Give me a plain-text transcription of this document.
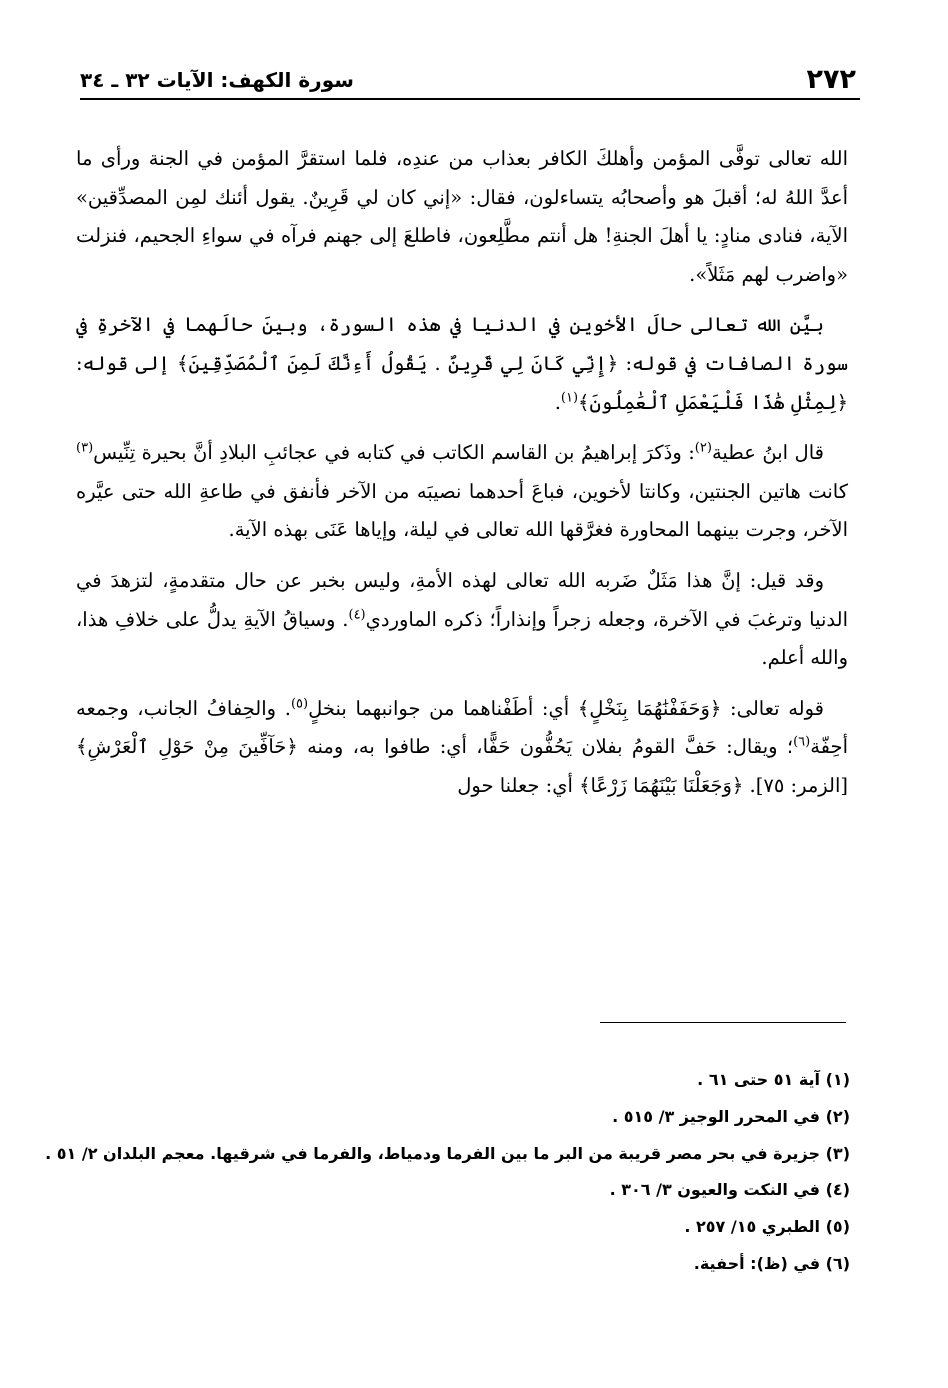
٢٧٢
سورة الكهف: الآيات ٣٢ ـ ٣٤

الله تعالى توفَّى المؤمن وأهلكَ الكافر بعذاب من عندِه، فلما استقرَّ المؤمن في الجنة ورأى ما أعدَّ اللهُ له؛ أقبلَ هو وأصحابُه يتساءلون، فقال: «إني كان لي قَرِينٌ. يقول أئنك لمِن المصدِّقين» الآية، فنادى منادٍ: يا أهلَ الجنةِ! هل أنتم مطَّلِعون، فاطلعَ إلى جهنم فرآه في سواءِ الجحيم، فنزلت «واضرب لهم مَثَلاً».

بيَّن الله تعالى حالَ الأخوين في الدنيا في هذه السورة، وبينَ حالَهما في الآخرةِ في سورة الصافات في قوله: ﴿إِنِّي كَانَ لِي قَرِينٌ . يَقُولُ أَءِنَّكَ لَمِنَ ٱلْمُصَدِّقِينَ﴾ إلى قوله: ﴿لِمِثْلِ هَٰذَا فَلْيَعْمَلِ ٱلْعَٰمِلُونَ﴾$^{(١)}$.

قال ابنُ عطية$^{(٢)}$: وذَكرَ إبراهيمُ بن القاسم الكاتب في كتابه في عجائبِ البلادِ أنَّ بحيرة تِنِّيس$^{(٣)}$ كانت هاتين الجنتين، وكانتا لأخوين، فباعَ أحدهما نصيبَه من الآخر فأنفق في طاعةِ الله حتى عيَّره الآخر، وجرت بينهما المحاورة فغرَّقها الله تعالى في ليلة، وإياها عَنَى بهذه الآية.

وقد قيل: إنَّ هذا مَثَلٌ ضَربه الله تعالى لهذه الأمةِ، وليس بخبر عن حال متقدمةٍ، لتزهدَ في الدنيا وترغبَ في الآخرة، وجعله زجراً وإنذاراً؛ ذكره الماوردي$^{(٤)}$. وسياقُ الآيةِ يدلُّ على خلافِ هذا، والله أعلم.

قوله تعالى: ﴿وَحَفَفْنَٰهُمَا بِنَخْلٍ﴾ أي: أطَفْناهما من جوانبهما بنخلٍ$^{(٥)}$. والحِفافُ الجانب، وجمعه أحِفّة$^{(٦)}$؛ ويقال: حَفَّ القومُ بفلان يَحُفُّون حَفًّا، أي: طافوا به، ومنه ﴿حَآفِّينَ مِنْ حَوْلِ ٱلْعَرْشِ﴾ [الزمر: ٧٥]. ﴿وَجَعَلْنَا بَيْنَهُمَا زَرْعًا﴾ أي: جعلنا حول

(١) آية ٥١ حتى ٦١ .
(٢) في المحرر الوجيز ٣/ ٥١٥ .
(٣) جزيرة في بحر مصر قريبة من البر ما بين الفرما ودمياط، والفرما في شرقيها. معجم البلدان ٢/ ٥١ .
(٤) في النكت والعيون ٣/ ٣٠٦ .
(٥) الطبري ١٥/ ٢٥٧ .
(٦) في (ظ): أحفية.
